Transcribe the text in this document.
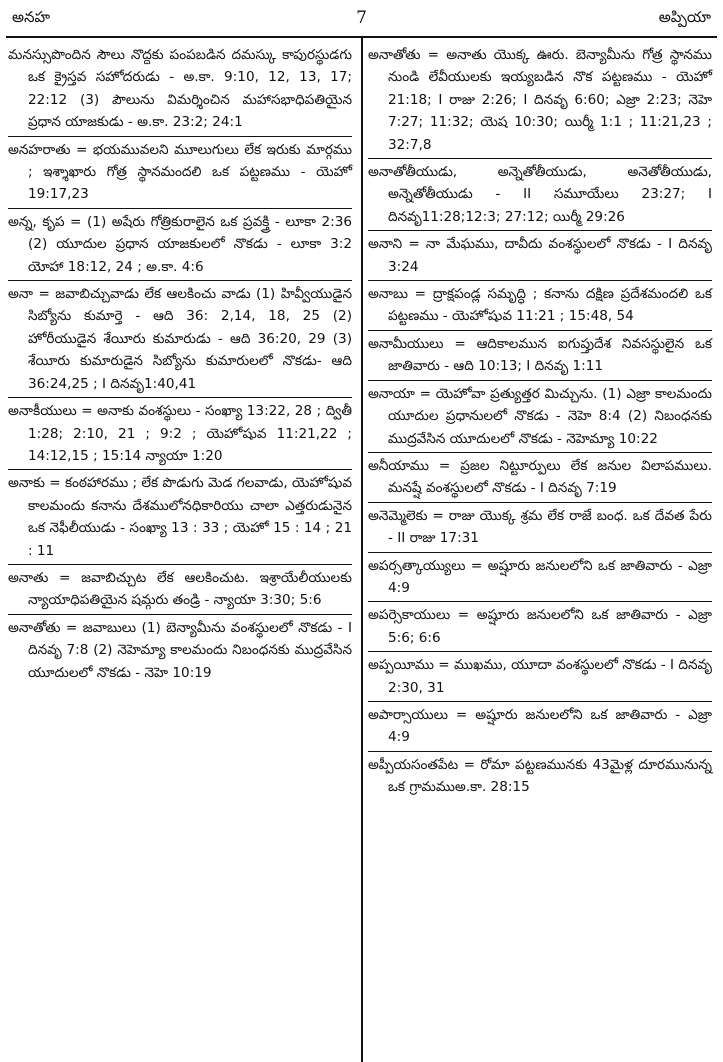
అనహ	7	అప్పియా

మనస్సుపొందిన సౌలు నొద్దకు పంపబడిన దమస్కు కాపురస్థుడగు ఒక క్రైస్తవ సహోదరుడు - అ.కా. 9:10, 12, 13, 17; 22:12 (3) పౌలును విమర్శించిన మహాసభాధిపతియైన ప్రధాన యాజకుడు - అ.కా. 23:2; 24:1

అనహరాతు = భయమువలని మూలుగులు లేక ఇరుకు మార్గము ; ఇశ్శాఖారు గోత్ర స్థానమందలి ఒక పట్టణము - యెహో 19:17,23

అన్న, కృప = (1) అషేరు గోత్రికురాలైన ఒక ప్రవక్త్రి - లూకా 2:36 (2) యూదుల ప్రధాన యాజకులలో నొకడు - లూకా 3:2 యోహా 18:12, 24 ; అ.కా. 4:6

అనా = జవాబిచ్చువాడు లేక ఆలకించు వాడు (1) హివ్వీయుడైన సిబ్యోను కుమార్తె - ఆది 36: 2,14, 18, 25 (2) హోరీయుడైన శేయీరు కుమారుడు - ఆది 36:20, 29 (3) శేయీరు కుమారుడైన సిబ్యోను కుమారులలో నొకడు- ఆది 36:24,25 ; I దినవృ1:40,41

అనాకీయులు = అనాకు వంశస్థులు - సంఖ్యా 13:22, 28 ; ద్వితీ 1:28; 2:10, 21 ; 9:2 ; యెహోషువ 11:21,22 ; 14:12,15 ; 15:14 న్యాయా 1:20

అనాకు = కంఠహారము ; లేక పొడుగు మెడ గలవాడు, యెహోషువ కాలమందు కనాను దేశములోనధికారియు చాలా ఎత్తరుడునైన ఒక నెఫీలీయుడు - సంఖ్యా 13 : 33 ; యెహో 15 : 14 ; 21 : 11

అనాతు = జవాబిచ్చుట లేక ఆలకించుట. ఇశ్రాయేలీయులకు న్యాయాధిపతియైన షమ్గరు తండ్రి - న్యాయా 3:30; 5:6

అనాతోతు = జవాబులు (1) బెన్యామీను వంశస్థులలో నొకడు - I దినవృ 7:8 (2) నెహెమ్యా కాలమందు నిబంధనకు ముద్రవేసిన యూదులలో నొకడు - నెహె 10:19

అనాతోతు = అనాతు యొక్క ఊరు. బెన్యామీను గోత్ర స్థానము నుండి లేవీయులకు ఇయ్యబడిన నొక పట్టణము - యెహో 21:18; I రాజు 2:26; I దినవృ 6:60; ఎజ్రా 2:23; నెహె 7:27; 11:32; యెష 10:30; యిర్మీ 1:1 ; 11:21,23 ; 32:7,8

అనాతోతీయుడు, అన్నెతోతీయుడు, అనెతోతీయుడు, అన్నెతోతీయుడు - II సమూయేలు 23:27; I దినవృ11:28;12:3; 27:12; యిర్మీ 29:26

అనాని = నా మేఘము, దావీదు వంశస్థులలో నొకడు - I దినవృ 3:24

అనాబు = ద్రాక్షపండ్ల సమృద్ధి ; కనాను దక్షిణ ప్రదేశమందలి ఒక పట్టణము - యెహోషువ 11:21 ; 15:48, 54

అనామీయులు = ఆదికాలమున ఐగుప్తుదేశ నివసస్థులైన ఒక జాతివారు - ఆది 10:13; I దినవృ 1:11

అనాయా = యెహోవా ప్రత్యుత్తర మిచ్చును. (1) ఎజ్రా కాలమందు యూదుల ప్రధానులలో నొకడు - నెహె 8:4 (2) నిబంధనకు ముద్రవేసిన యూదులలో నొకడు - నెహెమ్యా 10:22

అనీయాము = ప్రజల నిట్టూర్పులు లేక జనుల విలాపములు. మనష్షే వంశస్థులలో నొకడు - I దినవృ 7:19

అనెమ్మెలెకు = రాజు యొక్క శ్రమ లేక రాజే బంధ. ఒక దేవత పేరు - II రాజు 17:31

అపర్సత్కాయ్యులు = అష్షూరు జనులలోని ఒక జాతివారు - ఎజ్రా 4:9

అపర్సెకాయులు = అష్షూరు జనులలోని ఒక జాతివారు - ఎజ్రా 5:6; 6:6

అప్పయీము = ముఖము, యూదా వంశస్థులలో నొకడు - I దినవృ 2:30, 31

అపార్సాయులు = అష్షూరు జనులలోని ఒక జాతివారు - ఎజ్రా 4:9

అప్పీయసంతపేట = రోమా పట్టణమునకు 43మైళ్ల దూరమునున్న ఒక గ్రామముఅ.కా. 28:15
